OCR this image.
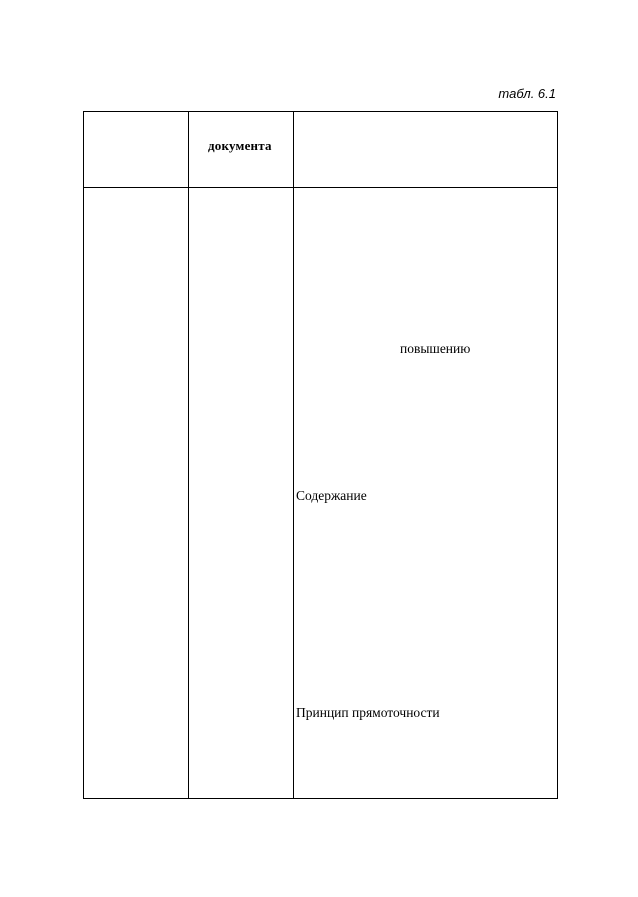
табл. 6.1
документа
повышению
Содержание
Принцип прямоточности
